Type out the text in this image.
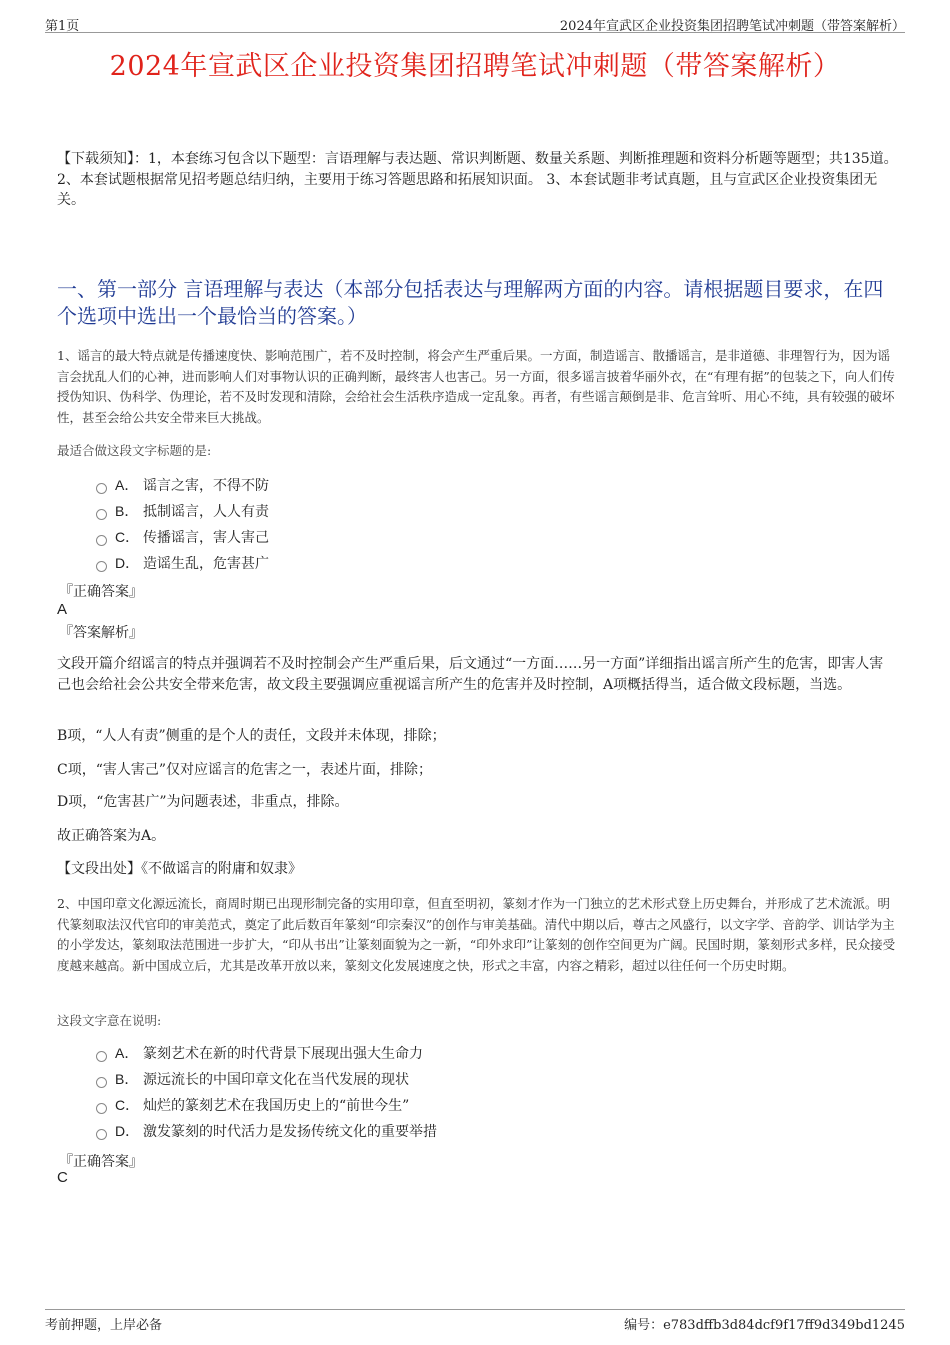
第1页	2024年宣武区企业投资集团招聘笔试冲刺题（带答案解析）
2024年宣武区企业投资集团招聘笔试冲刺题（带答案解析）
【下载须知】：1，本套练习包含以下题型：言语理解与表达题、常识判断题、数量关系题、判断推理题和资料分析题等题型；共135道。 2、本套试题根据常见招考题总结归纳，主要用于练习答题思路和拓展知识面。 3、本套试题非考试真题，且与宣武区企业投资集团无关。
一、第一部分 言语理解与表达（本部分包括表达与理解两方面的内容。请根据题目要求，在四个选项中选出一个最恰当的答案。）
1、谣言的最大特点就是传播速度快、影响范围广，若不及时控制，将会产生严重后果。一方面，制造谣言、散播谣言，是非道德、非理智行为，因为谣言会扰乱人们的心神，进而影响人们对事物认识的正确判断，最终害人也害己。另一方面，很多谣言披着华丽外衣，在“有理有据”的包装之下，向人们传授伪知识、伪科学、伪理论，若不及时发现和清除，会给社会生活秩序造成一定乱象。再者，有些谣言颠倒是非、危言耸听、用心不纯，具有较强的破坏性，甚至会给公共安全带来巨大挑战。
最适合做这段文字标题的是:
A． 谣言之害，不得不防
B． 抵制谣言，人人有责
C． 传播谣言，害人害己
D． 造谣生乱，危害甚广
『正确答案』
A
『答案解析』
文段开篇介绍谣言的特点并强调若不及时控制会产生严重后果，后文通过“一方面……另一方面”详细指出谣言所产生的危害，即害人害己也会给社会公共安全带来危害，故文段主要强调应重视谣言所产生的危害并及时控制，A项概括得当，适合做文段标题，当选。
B项，“人人有责”侧重的是个人的责任，文段并未体现，排除；
C项，“害人害己”仅对应谣言的危害之一，表述片面，排除；
D项，“危害甚广”为问题表述，非重点，排除。
故正确答案为A。
【文段出处】《不做谣言的附庸和奴隶》
2、中国印章文化源远流长，商周时期已出现形制完备的实用印章，但直至明初，篆刻才作为一门独立的艺术形式登上历史舞台，并形成了艺术流派。明代篆刻取法汉代官印的审美范式，奠定了此后数百年篆刻“印宗秦汉”的创作与审美基础。清代中期以后，尊古之风盛行，以文字学、音韵学、训诂学为主的小学发达，篆刻取法范围进一步扩大，“印从书出”让篆刻面貌为之一新，“印外求印”让篆刻的创作空间更为广阔。民国时期，篆刻形式多样，民众接受度越来越高。新中国成立后，尤其是改革开放以来，篆刻文化发展速度之快，形式之丰富，内容之精彩，超过以往任何一个历史时期。
这段文字意在说明:
A． 篆刻艺术在新的时代背景下展现出强大生命力
B． 源远流长的中国印章文化在当代发展的现状
C． 灿烂的篆刻艺术在我国历史上的“前世今生”
D． 激发篆刻的时代活力是发扬传统文化的重要举措
『正确答案』
C
考前押题，上岸必备	编号：e783dffb3d84dcf9f17ff9d349bd1245
